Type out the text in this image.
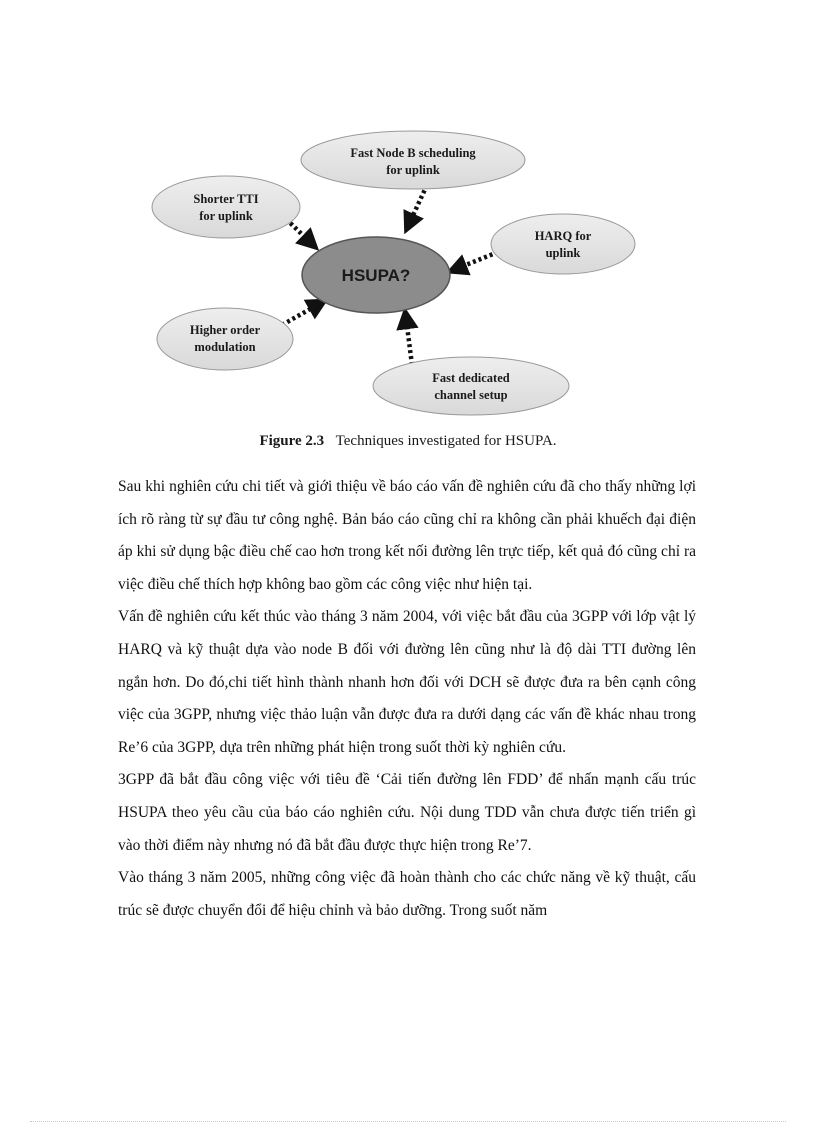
HSUPA?
Fast Node B scheduling
for uplink
Shorter TTI
for uplink
HARQ for
uplink
Higher order
modulation
Fast dedicated
channel setup
Figure 2.3 Techniques investigated for HSUPA.

Sau khi nghiên cứu chi tiết và giới thiệu về báo cáo vấn đề nghiên cứu đã cho thấy những lợi ích rõ ràng từ sự đầu tư công nghệ. Bản báo cáo cũng chỉ ra không cần phải khuếch đại điện áp khi sử dụng bậc điều chế cao hơn trong kết nối đường lên trực tiếp, kết quả đó cũng chỉ ra việc điều chế thích hợp không bao gồm các công việc như hiện tại.

Vấn đề nghiên cứu kết thúc vào tháng 3 năm 2004, với việc bắt đầu của 3GPP với lớp vật lý HARQ và kỹ thuật dựa vào node B đối với đường lên cũng như là độ dài TTI đường lên ngắn hơn. Do đó,chi tiết hình thành nhanh hơn đối với DCH sẽ được đưa ra bên cạnh công việc của 3GPP, nhưng việc thảo luận vẫn được đưa ra dưới dạng các vấn đề khác nhau trong Re’6 của 3GPP, dựa trên những phát hiện trong suốt thời kỳ nghiên cứu.

3GPP đã bắt đầu công việc với tiêu đề ‘Cải tiến đường lên FDD’ để nhấn mạnh cấu trúc HSUPA theo yêu cầu của báo cáo nghiên cứu. Nội dung TDD vẫn chưa được tiến triển gì vào thời điểm này nhưng nó đã bắt đầu được thực hiện trong Re’7.

Vào tháng 3 năm 2005, những công việc đã hoàn thành cho các chức năng về kỹ thuật, cấu trúc sẽ được chuyển đổi để hiệu chỉnh và bảo dưỡng. Trong suốt năm
